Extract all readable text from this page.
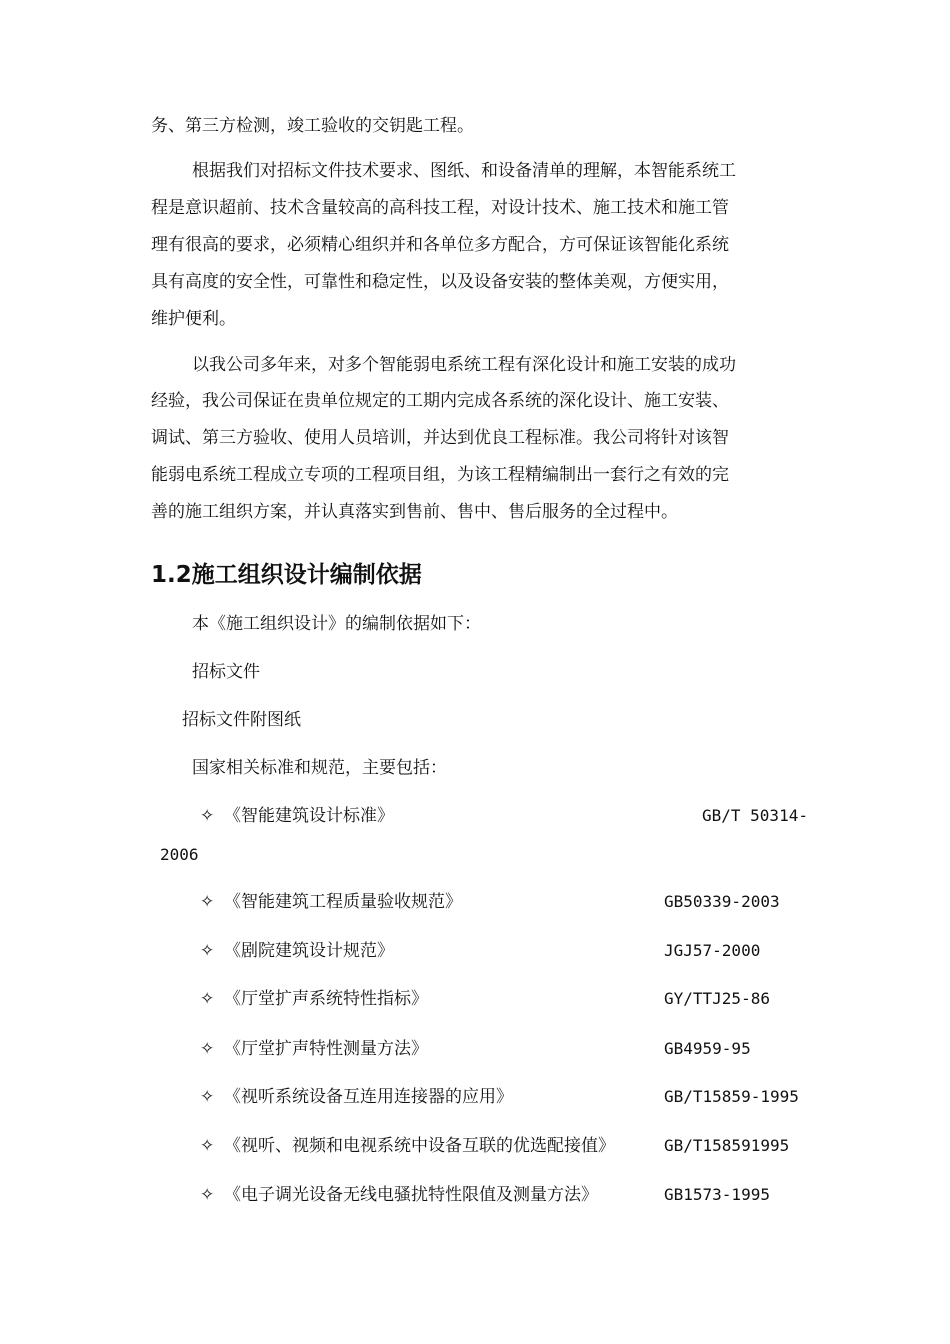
务、第三方检测，竣工验收的交钥匙工程。
根据我们对招标文件技术要求、图纸、和设备清单的理解，本智能系统工
程是意识超前、技术含量较高的高科技工程，对设计技术、施工技术和施工管
理有很高的要求，必须精心组织并和各单位多方配合，方可保证该智能化系统
具有高度的安全性，可靠性和稳定性，以及设备安装的整体美观，方便实用，
维护便利。
以我公司多年来，对多个智能弱电系统工程有深化设计和施工安装的成功
经验，我公司保证在贵单位规定的工期内完成各系统的深化设计、施工安装、
调试、第三方验收、使用人员培训，并达到优良工程标准。我公司将针对该智
能弱电系统工程成立专项的工程项目组，为该工程精编制出一套行之有效的完
善的施工组织方案，并认真落实到售前、售中、售后服务的全过程中。
1.2施工组织设计编制依据
本《施工组织设计》的编制依据如下：
招标文件
招标文件附图纸
国家相关标准和规范，主要包括：
✧ 《智能建筑设计标准》	GB/T 50314-
2006
✧ 《智能建筑工程质量验收规范》	GB50339-2003
✧ 《剧院建筑设计规范》	JGJ57-2000
✧ 《厅堂扩声系统特性指标》	GY/TTJ25-86
✧ 《厅堂扩声特性测量方法》	GB4959-95
✧ 《视听系统设备互连用连接器的应用》	GB/T15859-1995
✧ 《视听、视频和电视系统中设备互联的优选配接值》	GB/T158591995
✧ 《电子调光设备无线电骚扰特性限值及测量方法》	GB1573-1995
